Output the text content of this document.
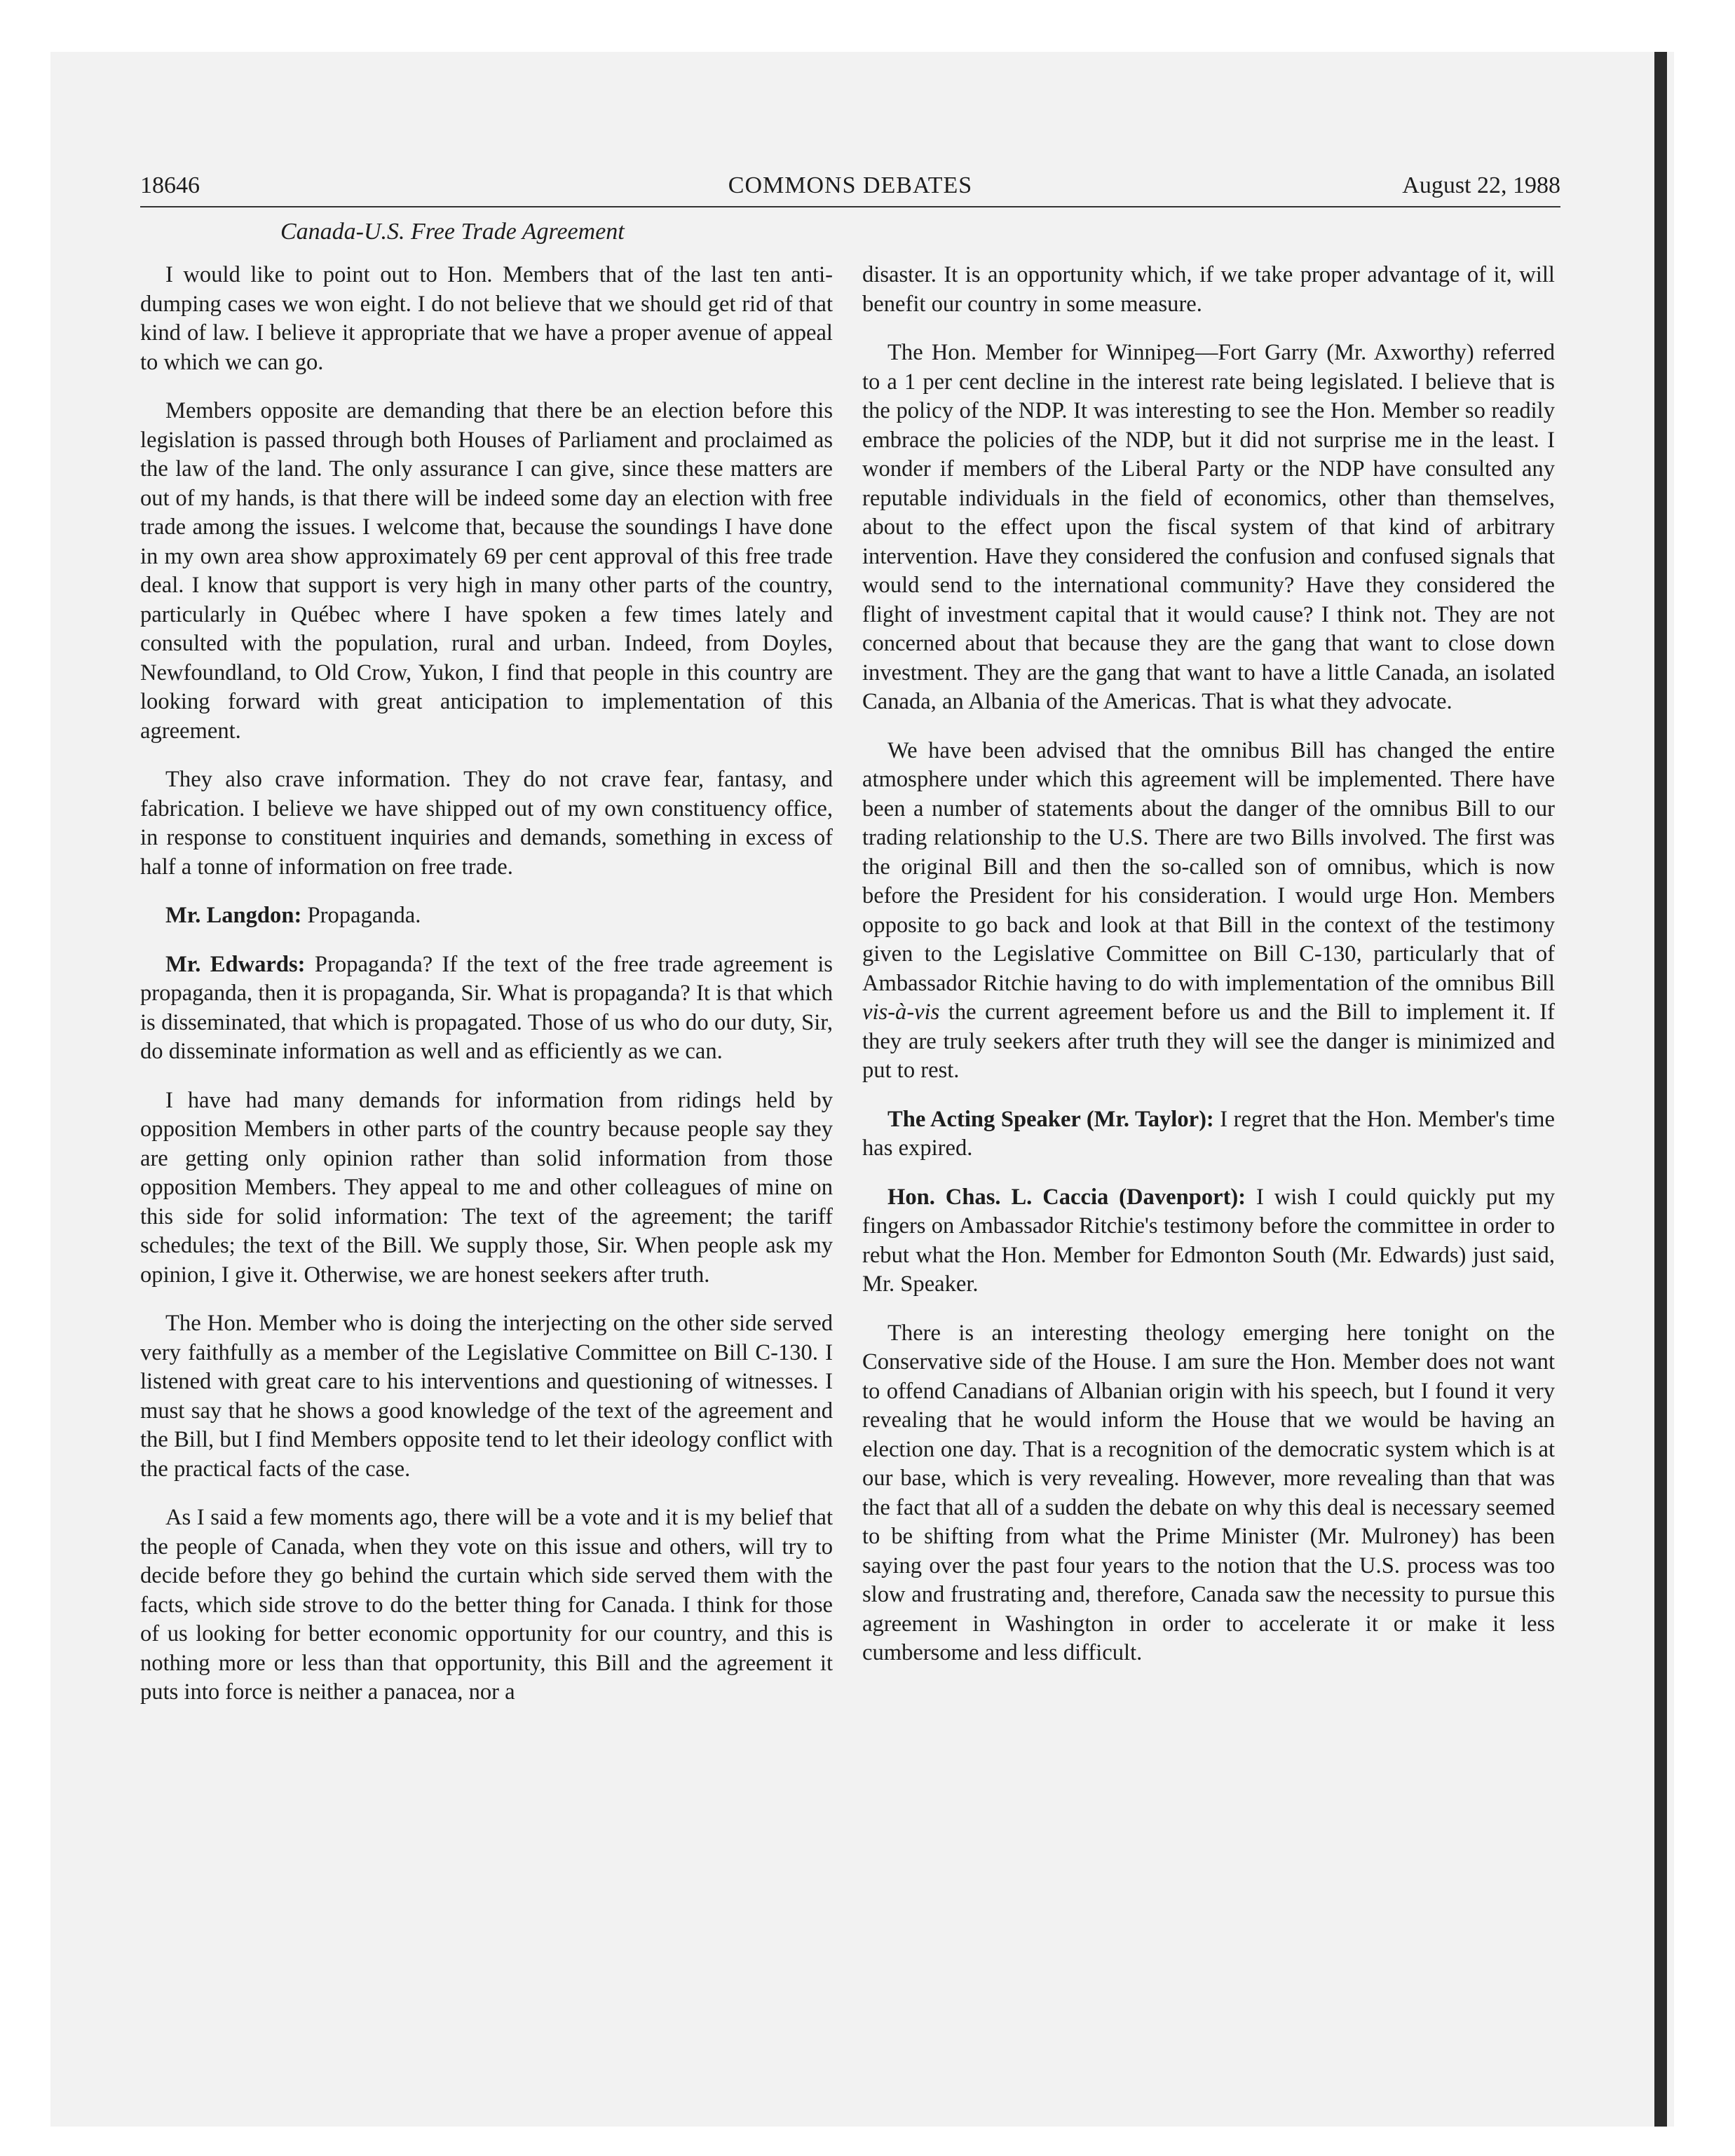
18646	COMMONS DEBATES	August 22, 1988
Canada-U.S. Free Trade Agreement

I would like to point out to Hon. Members that of the last ten anti-dumping cases we won eight. I do not believe that we should get rid of that kind of law. I believe it appropriate that we have a proper avenue of appeal to which we can go.

Members opposite are demanding that there be an election before this legislation is passed through both Houses of Parliament and proclaimed as the law of the land. The only assurance I can give, since these matters are out of my hands, is that there will be indeed some day an election with free trade among the issues. I welcome that, because the soundings I have done in my own area show approximately 69 per cent approval of this free trade deal. I know that support is very high in many other parts of the country, particularly in Québec where I have spoken a few times lately and consulted with the population, rural and urban. Indeed, from Doyles, Newfoundland, to Old Crow, Yukon, I find that people in this country are looking forward with great anticipation to implementation of this agreement.

They also crave information. They do not crave fear, fantasy, and fabrication. I believe we have shipped out of my own constituency office, in response to constituent inquiries and demands, something in excess of half a tonne of information on free trade.

Mr. Langdon: Propaganda.

Mr. Edwards: Propaganda? If the text of the free trade agreement is propaganda, then it is propaganda, Sir. What is propaganda? It is that which is disseminated, that which is propagated. Those of us who do our duty, Sir, do disseminate information as well and as efficiently as we can.

I have had many demands for information from ridings held by opposition Members in other parts of the country because people say they are getting only opinion rather than solid information from those opposition Members. They appeal to me and other colleagues of mine on this side for solid information: The text of the agreement; the tariff schedules; the text of the Bill. We supply those, Sir. When people ask my opinion, I give it. Otherwise, we are honest seekers after truth.

The Hon. Member who is doing the interjecting on the other side served very faithfully as a member of the Legislative Committee on Bill C-130. I listened with great care to his interventions and questioning of witnesses. I must say that he shows a good knowledge of the text of the agreement and the Bill, but I find Members opposite tend to let their ideology conflict with the practical facts of the case.

As I said a few moments ago, there will be a vote and it is my belief that the people of Canada, when they vote on this issue and others, will try to decide before they go behind the curtain which side served them with the facts, which side strove to do the better thing for Canada. I think for those of us looking for better economic opportunity for our country, and this is nothing more or less than that opportunity, this Bill and the agreement it puts into force is neither a panacea, nor a

disaster. It is an opportunity which, if we take proper advantage of it, will benefit our country in some measure.

The Hon. Member for Winnipeg—Fort Garry (Mr. Axworthy) referred to a 1 per cent decline in the interest rate being legislated. I believe that is the policy of the NDP. It was interesting to see the Hon. Member so readily embrace the policies of the NDP, but it did not surprise me in the least. I wonder if members of the Liberal Party or the NDP have consulted any reputable individuals in the field of economics, other than themselves, about to the effect upon the fiscal system of that kind of arbitrary intervention. Have they considered the confusion and confused signals that would send to the international community? Have they considered the flight of investment capital that it would cause? I think not. They are not concerned about that because they are the gang that want to close down investment. They are the gang that want to have a little Canada, an isolated Canada, an Albania of the Americas. That is what they advocate.

We have been advised that the omnibus Bill has changed the entire atmosphere under which this agreement will be implemented. There have been a number of statements about the danger of the omnibus Bill to our trading relationship to the U.S. There are two Bills involved. The first was the original Bill and then the so-called son of omnibus, which is now before the President for his consideration. I would urge Hon. Members opposite to go back and look at that Bill in the context of the testimony given to the Legislative Committee on Bill C-130, particularly that of Ambassador Ritchie having to do with implementation of the omnibus Bill vis-à-vis the current agreement before us and the Bill to implement it. If they are truly seekers after truth they will see the danger is minimized and put to rest.

The Acting Speaker (Mr. Taylor): I regret that the Hon. Member's time has expired.

Hon. Chas. L. Caccia (Davenport): I wish I could quickly put my fingers on Ambassador Ritchie's testimony before the committee in order to rebut what the Hon. Member for Edmonton South (Mr. Edwards) just said, Mr. Speaker.

There is an interesting theology emerging here tonight on the Conservative side of the House. I am sure the Hon. Member does not want to offend Canadians of Albanian origin with his speech, but I found it very revealing that he would inform the House that we would be having an election one day. That is a recognition of the democratic system which is at our base, which is very revealing. However, more revealing than that was the fact that all of a sudden the debate on why this deal is necessary seemed to be shifting from what the Prime Minister (Mr. Mulroney) has been saying over the past four years to the notion that the U.S. process was too slow and frustrating and, therefore, Canada saw the necessity to pursue this agreement in Washington in order to accelerate it or make it less cumbersome and less difficult.
